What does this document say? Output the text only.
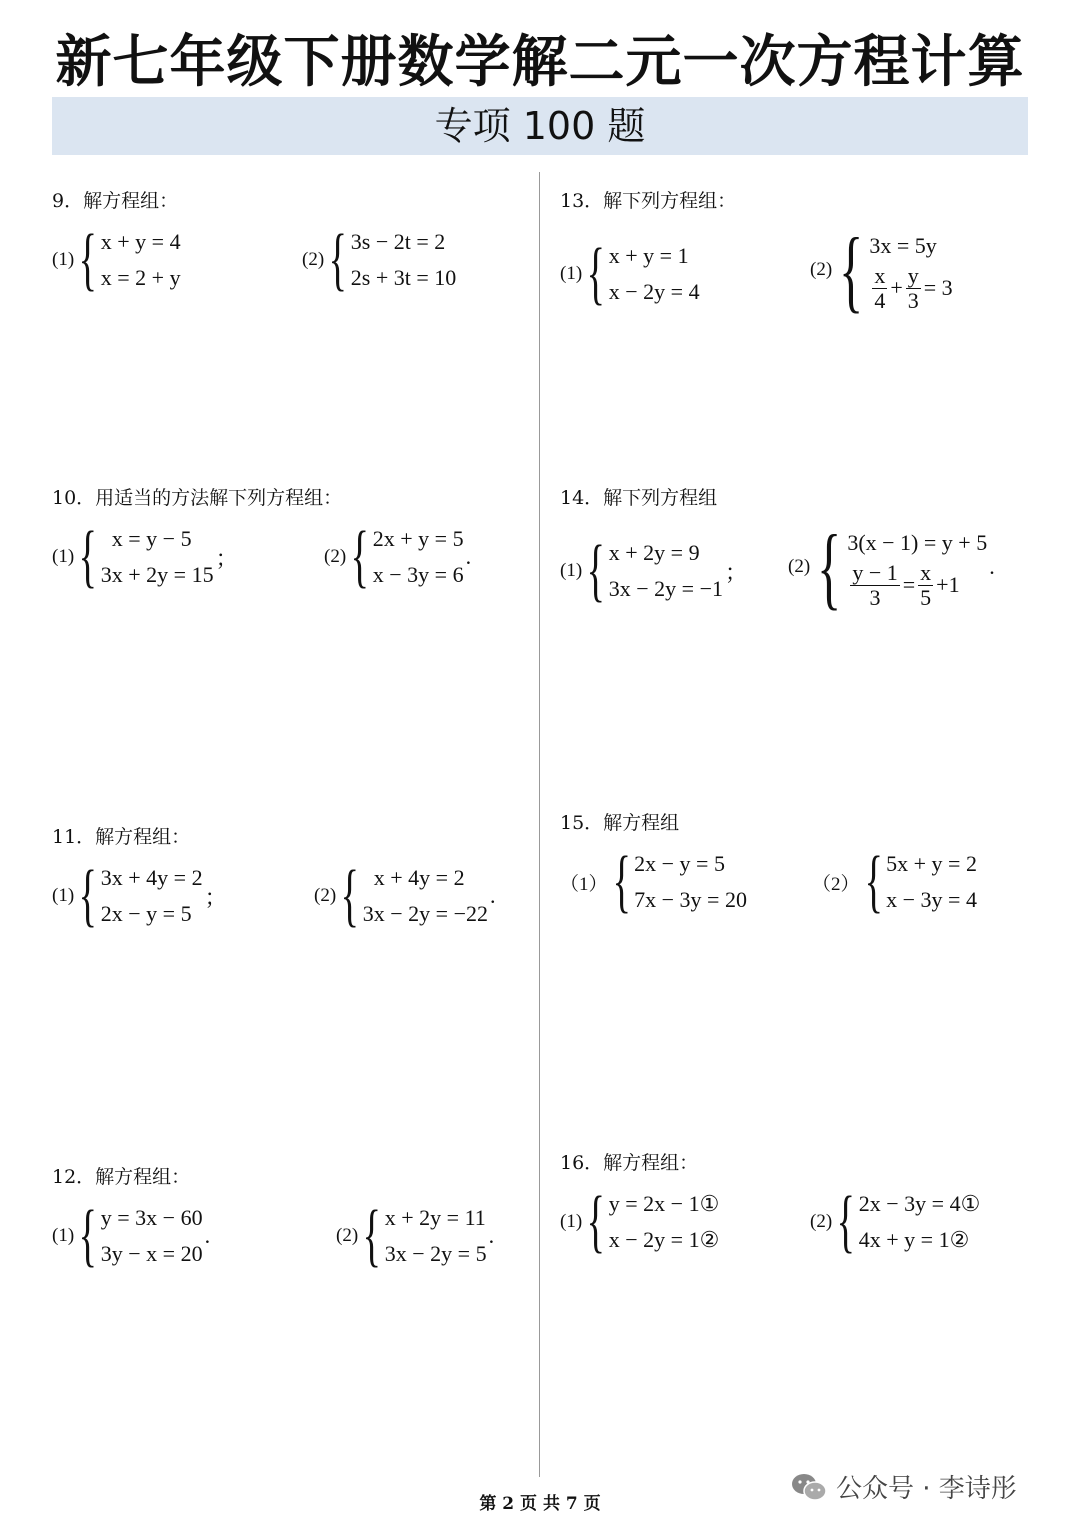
新七年级下册数学解二元一次方程计算
专项 100 题
9．解方程组：
(1) { x + y = 4
x = 2 + y
(2) { 3s − 2t = 2
2s + 3t = 10
13．解下列方程组：
(1) { x + y = 1
x − 2y = 4
(2) { 3x = 5y
$\frac{x}{4} + \frac{y}{3} = 3$
10．用适当的方法解下列方程组：
(1) { x = y − 5
3x + 2y = 15
；	(2) { 2x + y = 5
x − 3y = 6
.
14．解下列方程组
(1) { x + 2y = 9
3x − 2y = −1
； (2) { 3(x − 1) = y + 5
$\frac{y - 1}{3} = \frac{x}{5} +1$
.
11．解方程组：
(1) { 3x + 4y = 2
2x − y = 5
；	(2) { x + 4y = 2
3x − 2y = −22
.
15．解方程组
（1） { 2x − y = 5
7x − 3y = 20
（2） { 5x + y = 2
x − 3y = 4
12．解方程组：
(1) { y = 3x − 60
3y − x = 20
.	(2) { x + 2y = 11
3x − 2y = 5
.
16．解方程组：
(1) { y = 2x − 1①
x − 2y = 1②
(2) { 2x − 3y = 4①
4x + y = 1②
第 2 页 共 7 页	公众号 · 李诗彤
